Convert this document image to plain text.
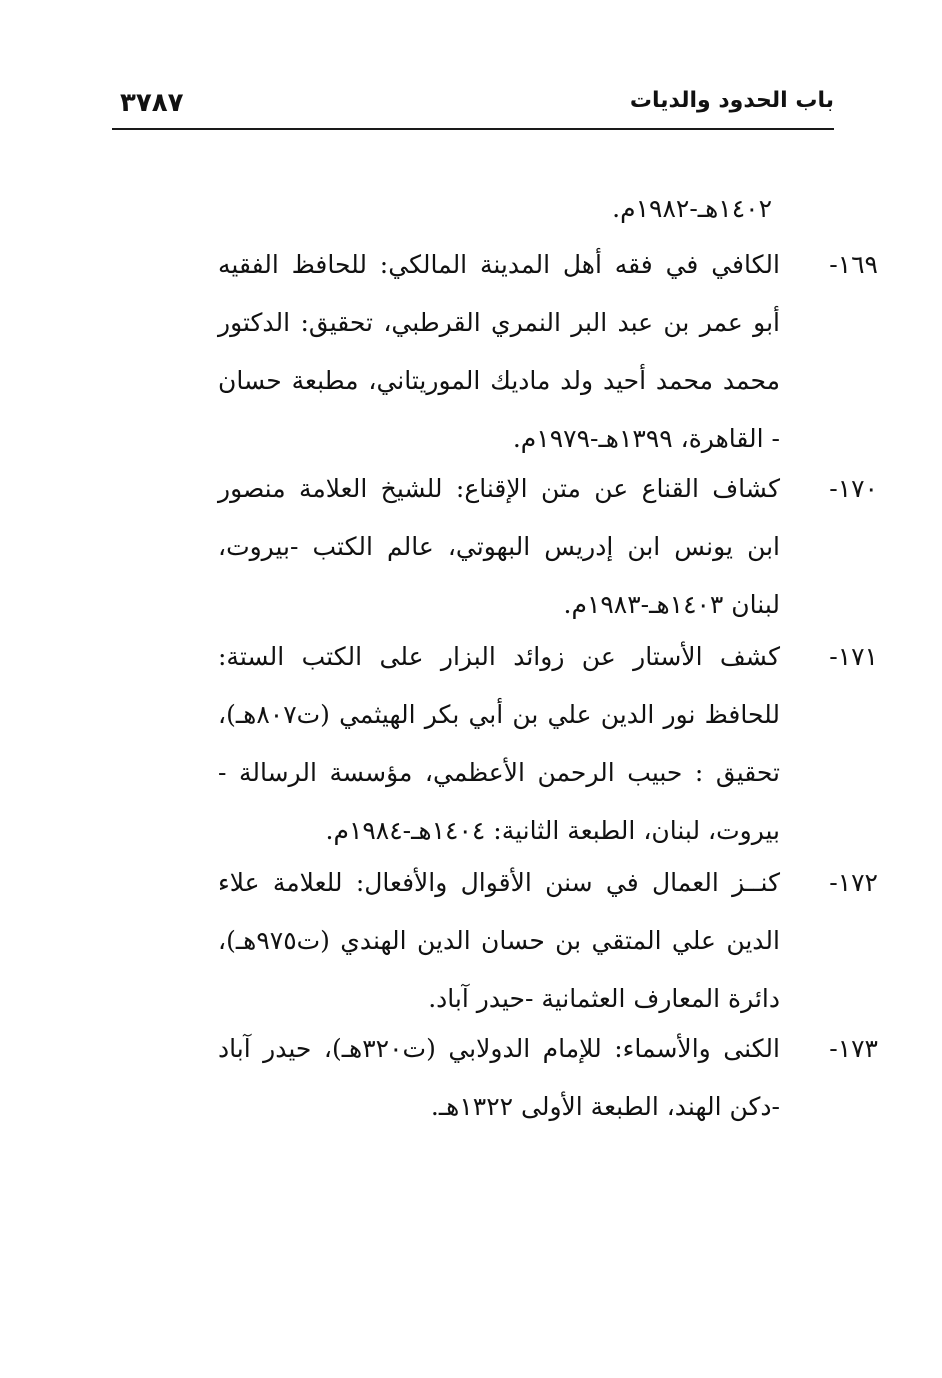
٣٧٨٧	باب الحدود والديات
١٤٠٢هـ-١٩٨٢م.
١٦٩-
الكافي في فقه أهل المدينة المالكي: للحافظ الفقيه أبو عمر بن عبد البر النمري القرطبي، تحقيق: الدكتور محمد محمد أحيد ولد ماديك الموريتاني، مطبعة حسان - القاهرة، ١٣٩٩هـ-١٩٧٩م.
١٧٠-
كشاف القناع عن متن الإقناع: للشيخ العلامة منصور ابن يونس ابن إدريس البهوتي، عالم الكتب -بيروت، لبنان ١٤٠٣هـ-١٩٨٣م.
١٧١-
كشف الأستار عن زوائد البزار على الكتب الستة: للحافظ نور الدين علي بن أبي بكر الهيثمي (ت٨٠٧هـ)، تحقيق : حبيب الرحمن الأعظمي، مؤسسة الرسالة - بيروت، لبنان، الطبعة الثانية: ١٤٠٤هـ-١٩٨٤م.
١٧٢-
كنــز العمال في سنن الأقوال والأفعال: للعلامة علاء الدين علي المتقي بن حسان الدين الهندي (ت٩٧٥هـ)، دائرة المعارف العثمانية -حيدر آباد.
١٧٣-
الكنى والأسماء: للإمام الدولابي (ت٣٢٠هـ)، حيدر آباد -دكن الهند، الطبعة الأولى ١٣٢٢هـ.
